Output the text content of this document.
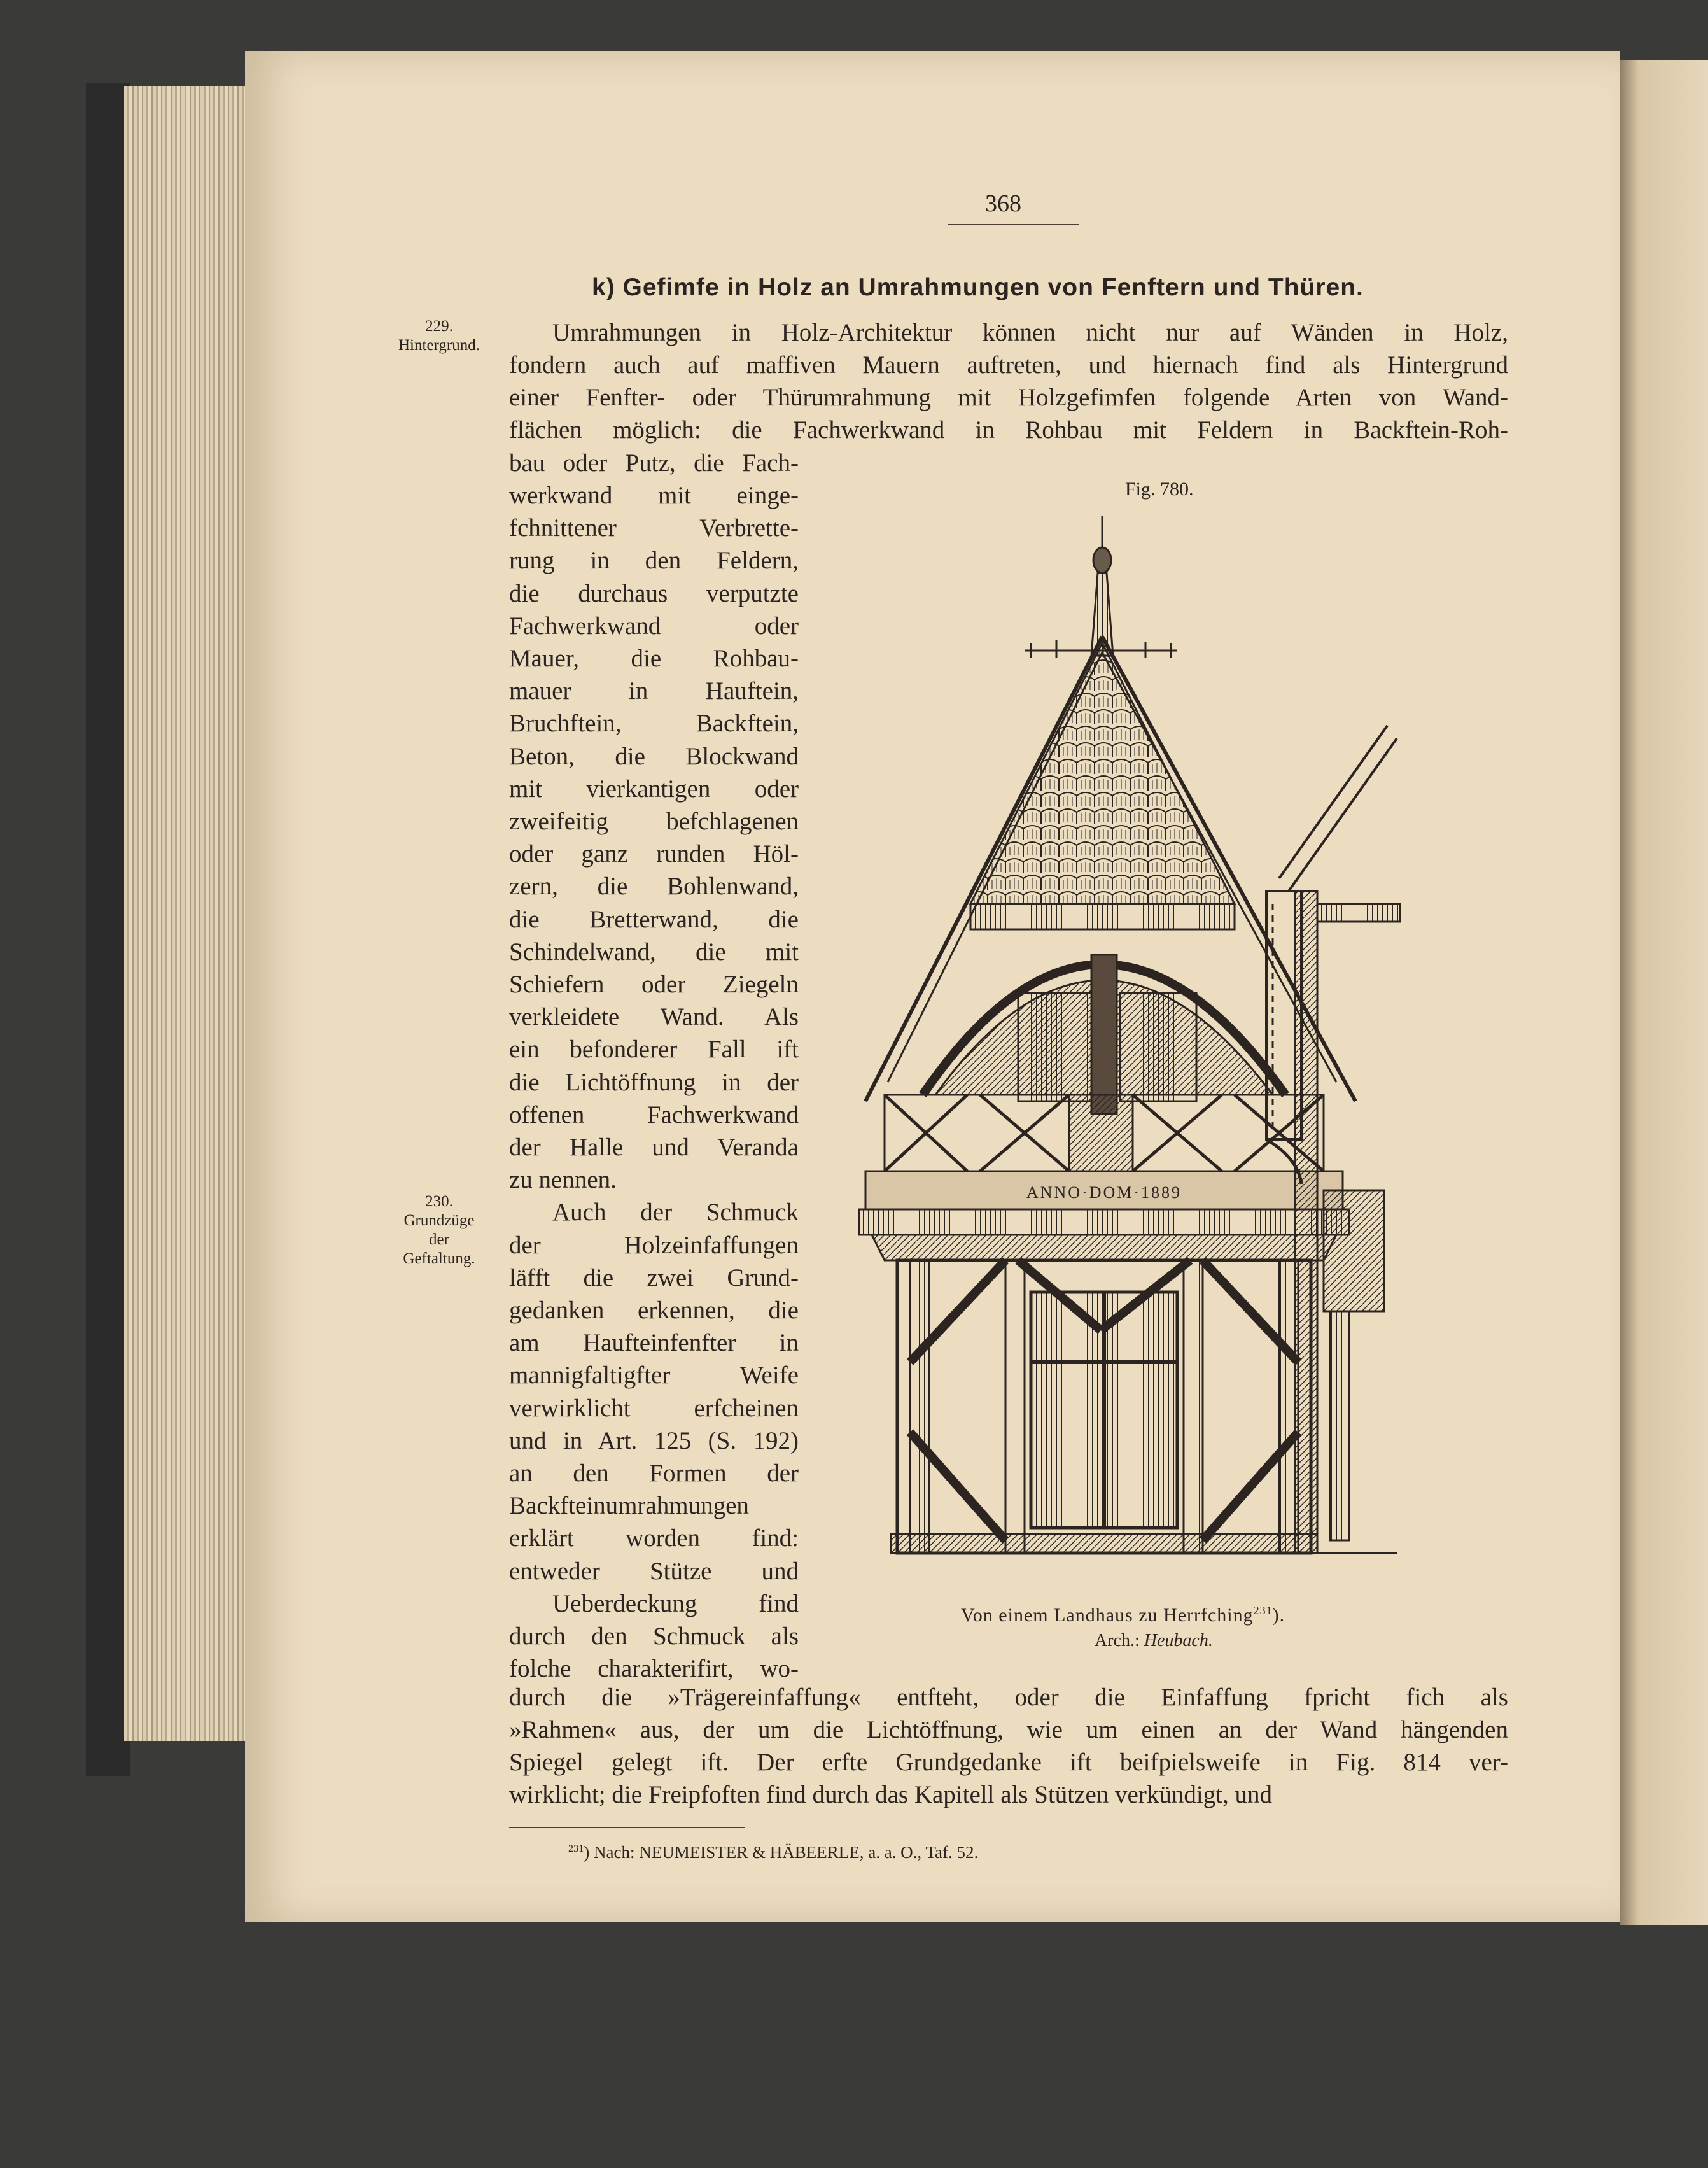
368
k) Gefimfe in Holz an Umrahmungen von Fenftern und Thüren.
229.
Hintergrund.
230.
Grundzüge
der
Geftaltung.
Umrahmungen in Holz-Architektur können nicht nur auf Wänden in Holz,
fondern auch auf maffiven Mauern auftreten, und hiernach find als Hintergrund
einer Fenfter- oder Thürumrahmung mit Holzgefimfen folgende Arten von Wand-
flächen möglich: die Fachwerkwand in Rohbau mit Feldern in Backftein-Roh-
bau oder Putz, die Fach-
werkwand mit einge-
fchnittener Verbrette-
rung in den Feldern,
die durchaus verputzte
Fachwerkwand oder
Mauer, die Rohbau-
mauer in Hauftein,
Bruchftein, Backftein,
Beton, die Blockwand
mit vierkantigen oder
zweifeitig befchlagenen
oder ganz runden Höl-
zern, die Bohlenwand,
die Bretterwand, die
Schindelwand, die mit
Schiefern oder Ziegeln
verkleidete Wand. Als
ein befonderer Fall ift
die Lichtöffnung in der
offenen Fachwerkwand
der Halle und Veranda
zu nennen.
Auch der Schmuck
der Holzeinfaffungen
läfft die zwei Grund-
gedanken erkennen, die
am Haufteinfenfter in
mannigfaltigfter Weife
verwirklicht erfcheinen
und in Art. 125 (S. 192)
an den Formen der
Backfteinumrahmungen
erklärt worden find:
entweder Stütze und
Ueberdeckung find
durch den Schmuck als
folche charakterifirt, wo-
durch die »Trägereinfaffung« entfteht, oder die Einfaffung fpricht fich als
»Rahmen« aus, der um die Lichtöffnung, wie um einen an der Wand hängenden
Spiegel gelegt ift. Der erfte Grundgedanke ift beifpielsweife in Fig. 814 ver-
wirklicht; die Freipfoften find durch das Kapitell als Stützen verkündigt, und
Fig. 780.
ANNO·DOM·1889
Von einem Landhaus zu Herrfching$^{231}$).
Arch.: Heubach.
$^{231}$) Nach: NEUMEISTER & HÄBEERLE, a. a. O., Taf. 52.
